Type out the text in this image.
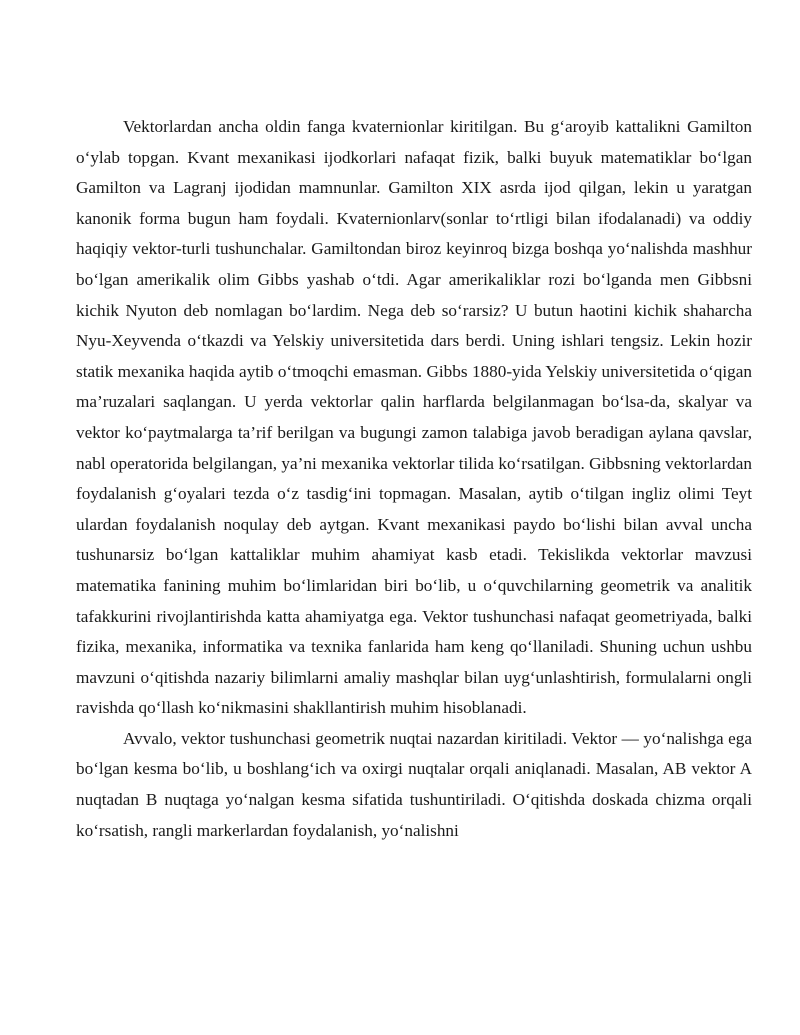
Vektorlardan ancha oldin fanga kvaternionlar kiritilgan. Bu g‘aroyib kattalikni Gamilton o‘ylab topgan. Kvant mexanikasi ijodkorlari nafaqat fizik, balki buyuk matematiklar bo‘lgan Gamilton va Lagranj ijodidan mamnunlar. Gamilton XIX asrda ijod qilgan, lekin u yaratgan kanonik forma bugun ham foydali. Kvaternionlarv(sonlar to‘rtligi bilan ifodalanadi) va oddiy haqiqiy vektor-turli tushunchalar. Gamiltondan biroz keyinroq bizga boshqa yo‘nalishda mashhur bo‘lgan amerikalik olim Gibbs yashab o‘tdi. Agar amerikaliklar rozi bo‘lganda men Gibbsni kichik Nyuton deb nomlagan bo‘lardim. Nega deb so‘rarsiz? U butun haotini kichik shaharcha Nyu-Xeyvenda o‘tkazdi va Yelskiy universitetida dars berdi. Uning ishlari tengsiz. Lekin hozir statik mexanika haqida aytib o‘tmoqchi emasman. Gibbs 1880-yida Yelskiy universitetida o‘qigan ma’ruzalari saqlangan. U yerda vektorlar qalin harflarda belgilanmagan bo‘lsa-da, skalyar va vektor ko‘paytmalarga ta’rif berilgan va bugungi zamon talabiga javob beradigan aylana qavslar, nabl operatorida belgilangan, ya’ni mexanika vektorlar tilida ko‘rsatilgan. Gibbsning vektorlardan foydalanish g‘oyalari tezda o‘z tasdig‘ini topmagan. Masalan, aytib o‘tilgan ingliz olimi Teyt ulardan foydalanish noqulay deb aytgan. Kvant mexanikasi paydo bo‘lishi bilan avval uncha tushunarsiz bo‘lgan kattaliklar muhim ahamiyat kasb etadi. Tekislikda vektorlar mavzusi matematika fanining muhim bo‘limlaridan biri bo‘lib, u o‘quvchilarning geometrik va analitik tafakkurini rivojlantirishda katta ahamiyatga ega. Vektor tushunchasi nafaqat geometriyada, balki fizika, mexanika, informatika va texnika fanlarida ham keng qo‘llaniladi. Shuning uchun ushbu mavzuni o‘qitishda nazariy bilimlarni amaliy mashqlar bilan uyg‘unlashtirish, formulalarni ongli ravishda qo‘llash ko‘nikmasini shakllantirish muhim hisoblanadi.

Avvalo, vektor tushunchasi geometrik nuqtai nazardan kiritiladi. Vektor — yo‘nalishga ega bo‘lgan kesma bo‘lib, u boshlang‘ich va oxirgi nuqtalar orqali aniqlanadi. Masalan, AB vektor A nuqtadan B nuqtaga yo‘nalgan kesma sifatida tushuntiriladi. O‘qitishda doskada chizma orqali ko‘rsatish, rangli markerlardan foydalanish, yo‘nalishni
